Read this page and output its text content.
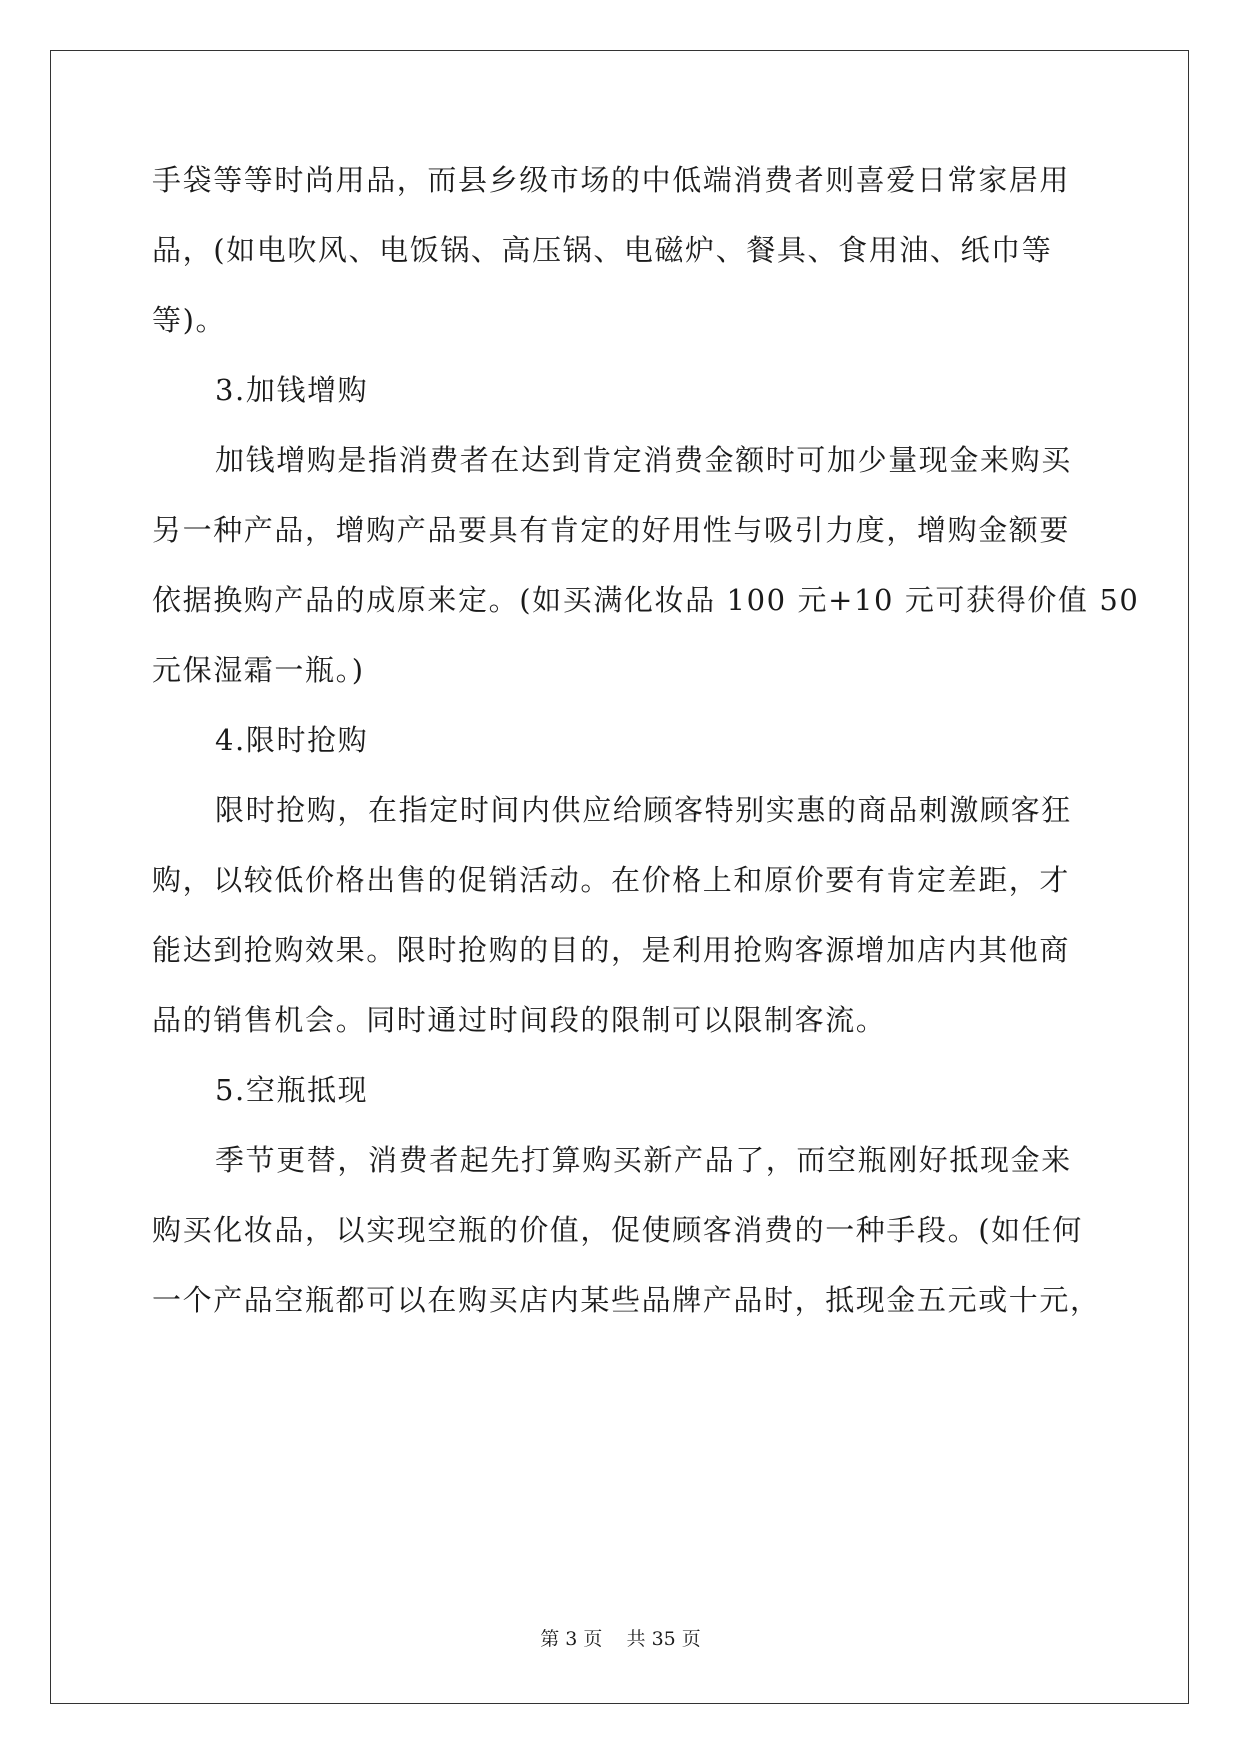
手袋等等时尚用品，而县乡级市场的中低端消费者则喜爱日常家居用
品，(如电吹风、电饭锅、高压锅、电磁炉、餐具、食用油、纸巾等
等)。
3.加钱增购
加钱增购是指消费者在达到肯定消费金额时可加少量现金来购买
另一种产品，增购产品要具有肯定的好用性与吸引力度，增购金额要
依据换购产品的成原来定。(如买满化妆品 100 元+10 元可获得价值 50
元保湿霜一瓶。)
4.限时抢购
限时抢购，在指定时间内供应给顾客特别实惠的商品刺激顾客狂
购，以较低价格出售的促销活动。在价格上和原价要有肯定差距，才
能达到抢购效果。限时抢购的目的，是利用抢购客源增加店内其他商
品的销售机会。同时通过时间段的限制可以限制客流。
5.空瓶抵现
季节更替，消费者起先打算购买新产品了，而空瓶刚好抵现金来
购买化妆品，以实现空瓶的价值，促使顾客消费的一种手段。(如任何
一个产品空瓶都可以在购买店内某些品牌产品时，抵现金五元或十元，
第 3 页    共 35 页
